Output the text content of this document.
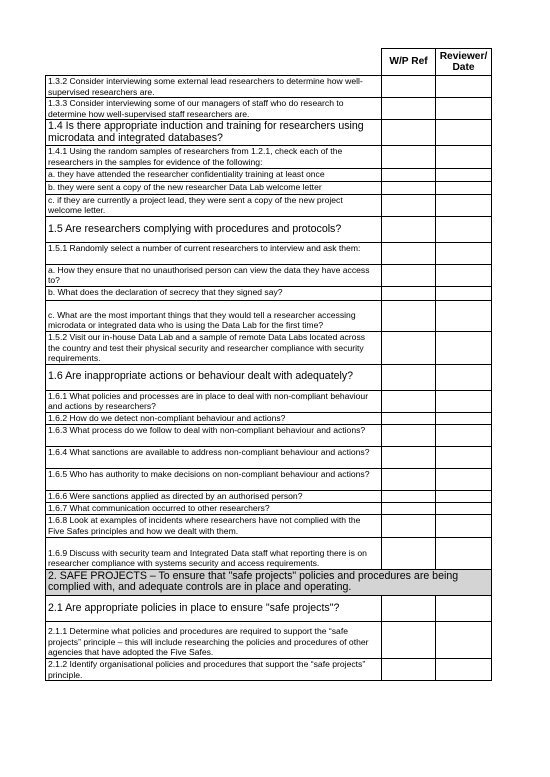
	W/P Ref	Reviewer/ Date
1.3.2 Consider interviewing some external lead researchers to determine how well-supervised researchers are.		
1.3.3 Consider interviewing some of our managers of staff who do research to determine how well-supervised staff researchers are.		
1.4 Is there appropriate induction and training for researchers using microdata and integrated databases?		
1.4.1 Using the random samples of researchers from 1.2.1, check each of the researchers in the samples for evidence of the following:		
a. they have attended the researcher confidentiality training at least once		
b. they were sent a copy of the new researcher Data Lab welcome letter		
c. if they are currently a project lead, they were sent a copy of the new project welcome letter.		
1.5 Are researchers complying with procedures and protocols?		
1.5.1 Randomly select a number of current researchers to interview and ask them:		
a. How they ensure that no unauthorised person can view the data they have access to?		
b. What does the declaration of secrecy that they signed say?		
c. What are the most important things that they would tell a researcher accessing microdata or integrated data who is using the Data Lab for the first time?		
1.5.2 Visit our in-house Data Lab and a sample of remote Data Labs located across the country and test their physical security and researcher compliance with security requirements.		
1.6 Are inappropriate actions or behaviour dealt with adequately?		
1.6.1 What policies and processes are in place to deal with non-compliant behaviour and actions by researchers?		
1.6.2 How do we detect non-compliant behaviour and actions?		
1.6.3 What process do we follow to deal with non-compliant behaviour and actions?		
1.6.4 What sanctions are available to address non-compliant behaviour and actions?		
1.6.5 Who has authority to make decisions on non-compliant behaviour and actions?		
1.6.6 Were sanctions applied as directed by an authorised person?		
1.6.7 What communication occurred to other researchers?		
1.6.8 Look at examples of incidents where researchers have not complied with the Five Safes principles and how we dealt with them.		
1.6.9 Discuss with security team and Integrated Data staff what reporting there is on researcher compliance with systems security and access requirements.		
2. SAFE PROJECTS – To ensure that "safe projects" policies and procedures are being complied with, and adequate controls are in place and operating.		
2.1 Are appropriate policies in place to ensure "safe projects"?		
2.1.1 Determine what policies and procedures are required to support the “safe projects” principle – this will include researching the policies and procedures of other agencies that have adopted the Five Safes.		
2.1.2 Identify organisational policies and procedures that support the “safe projects” principle.		
